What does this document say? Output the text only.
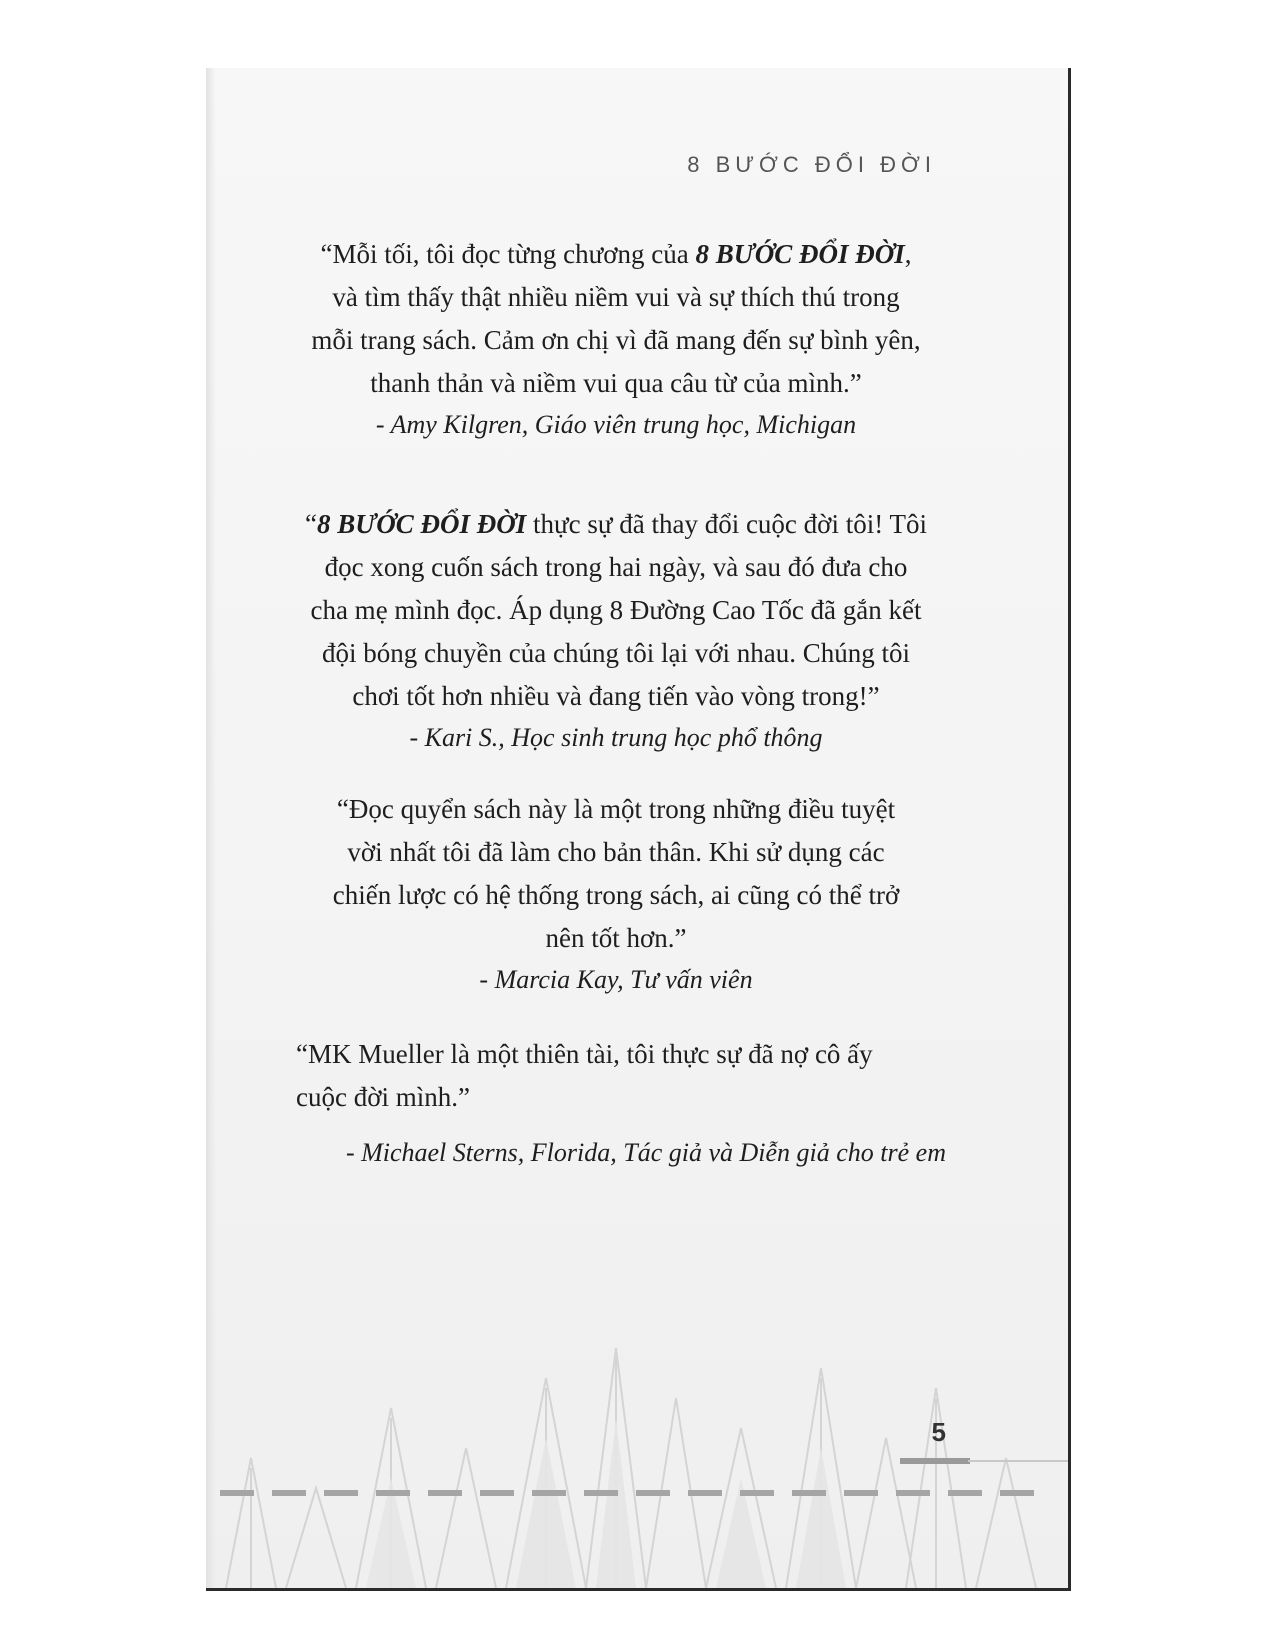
8 BƯỚC ĐỔI ĐỜI

“Mỗi tối, tôi đọc từng chương của 8 BƯỚC ĐỔI ĐỜI,
và tìm thấy thật nhiều niềm vui và sự thích thú trong
mỗi trang sách. Cảm ơn chị vì đã mang đến sự bình yên,
thanh thản và niềm vui qua câu từ của mình.”

- Amy Kilgren, Giáo viên trung học, Michigan

“8 BƯỚC ĐỔI ĐỜI thực sự đã thay đổi cuộc đời tôi! Tôi
đọc xong cuốn sách trong hai ngày, và sau đó đưa cho
cha mẹ mình đọc. Áp dụng 8 Đường Cao Tốc đã gắn kết
đội bóng chuyền của chúng tôi lại với nhau. Chúng tôi
chơi tốt hơn nhiều và đang tiến vào vòng trong!”

- Kari S., Học sinh trung học phổ thông

“Đọc quyển sách này là một trong những điều tuyệt
vời nhất tôi đã làm cho bản thân. Khi sử dụng các
chiến lược có hệ thống trong sách, ai cũng có thể trở
nên tốt hơn.”

- Marcia Kay, Tư vấn viên

“MK Mueller là một thiên tài, tôi thực sự đã nợ cô ấy
cuộc đời mình.”

- Michael Sterns, Florida, Tác giả và Diễn giả cho trẻ em

5
